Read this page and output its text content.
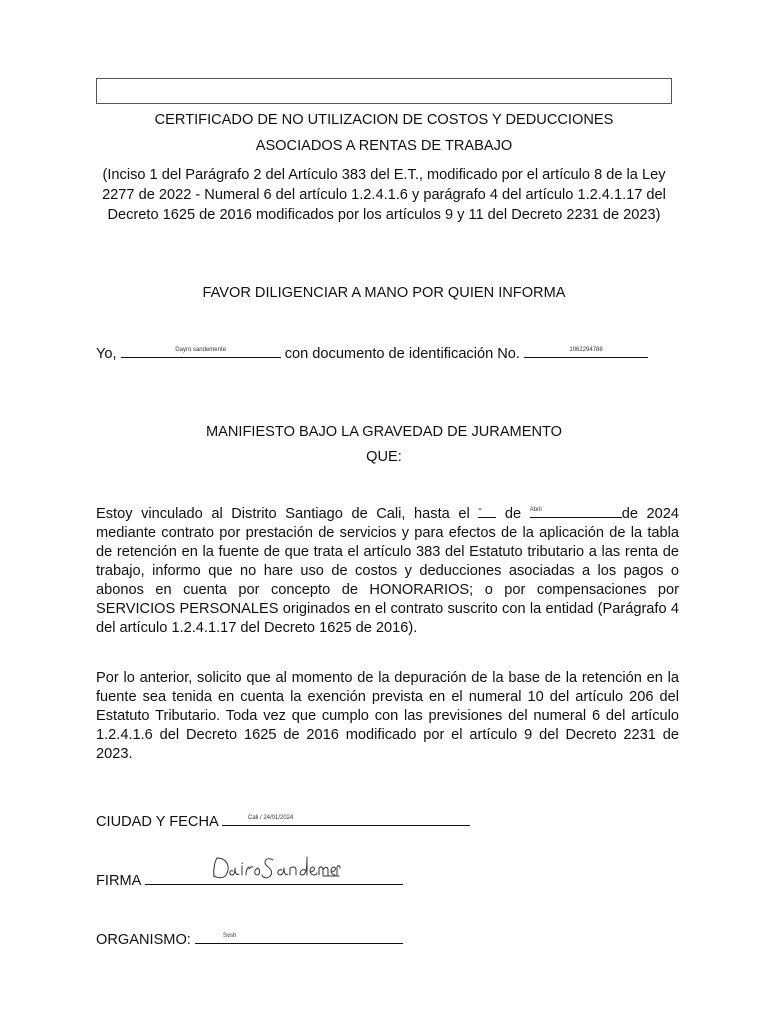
CERTIFICADO DE NO UTILIZACION DE COSTOS Y DEDUCCIONES
ASOCIADOS A RENTAS DE TRABAJO
(Inciso 1 del Parágrafo 2 del Artículo 383 del E.T., modificado por el artículo 8 de la Ley 2277 de 2022 - Numeral 6 del artículo 1.2.4.1.6 y parágrafo 4 del artículo 1.2.4.1.17 del Decreto 1625 de 2016 modificados por los artículos 9 y 11 del Decreto 2231 de 2023)
FAVOR DILIGENCIAR A MANO POR QUIEN INFORMA
Yo,	Dayro sandemente	con documento de identificación No.	1062294788
MANIFIESTO BAJO LA GRAVEDAD DE JURAMENTO
QUE:
Estoy vinculado al Distrito Santiago de Cali, hasta el =	de Abril	de 2024 mediante contrato por prestación de servicios y para efectos de la aplicación de la tabla de retención en la fuente de que trata el artículo 383 del Estatuto tributario a las renta de trabajo, informo que no hare uso de costos y deducciones asociadas a los pagos o abonos en cuenta por concepto de HONORARIOS; o por compensaciones por SERVICIOS PERSONALES originados en el contrato suscrito con la entidad (Parágrafo 4 del artículo 1.2.4.1.17 del Decreto 1625 de 2016).
Por lo anterior, solicito que al momento de la depuración de la base de la retención en la fuente sea tenida en cuenta la exención prevista en el numeral 10 del artículo 206 del Estatuto Tributario. Toda vez que cumplo con las previsiones del numeral 6 del artículo 1.2.4.1.6 del Decreto 1625 de 2016 modificado por el artículo 9 del Decreto 2231 de 2023.
CIUDAD Y FECHA	Cali / 24/01/2024
FIRMA
ORGANISMO:	Svsh
